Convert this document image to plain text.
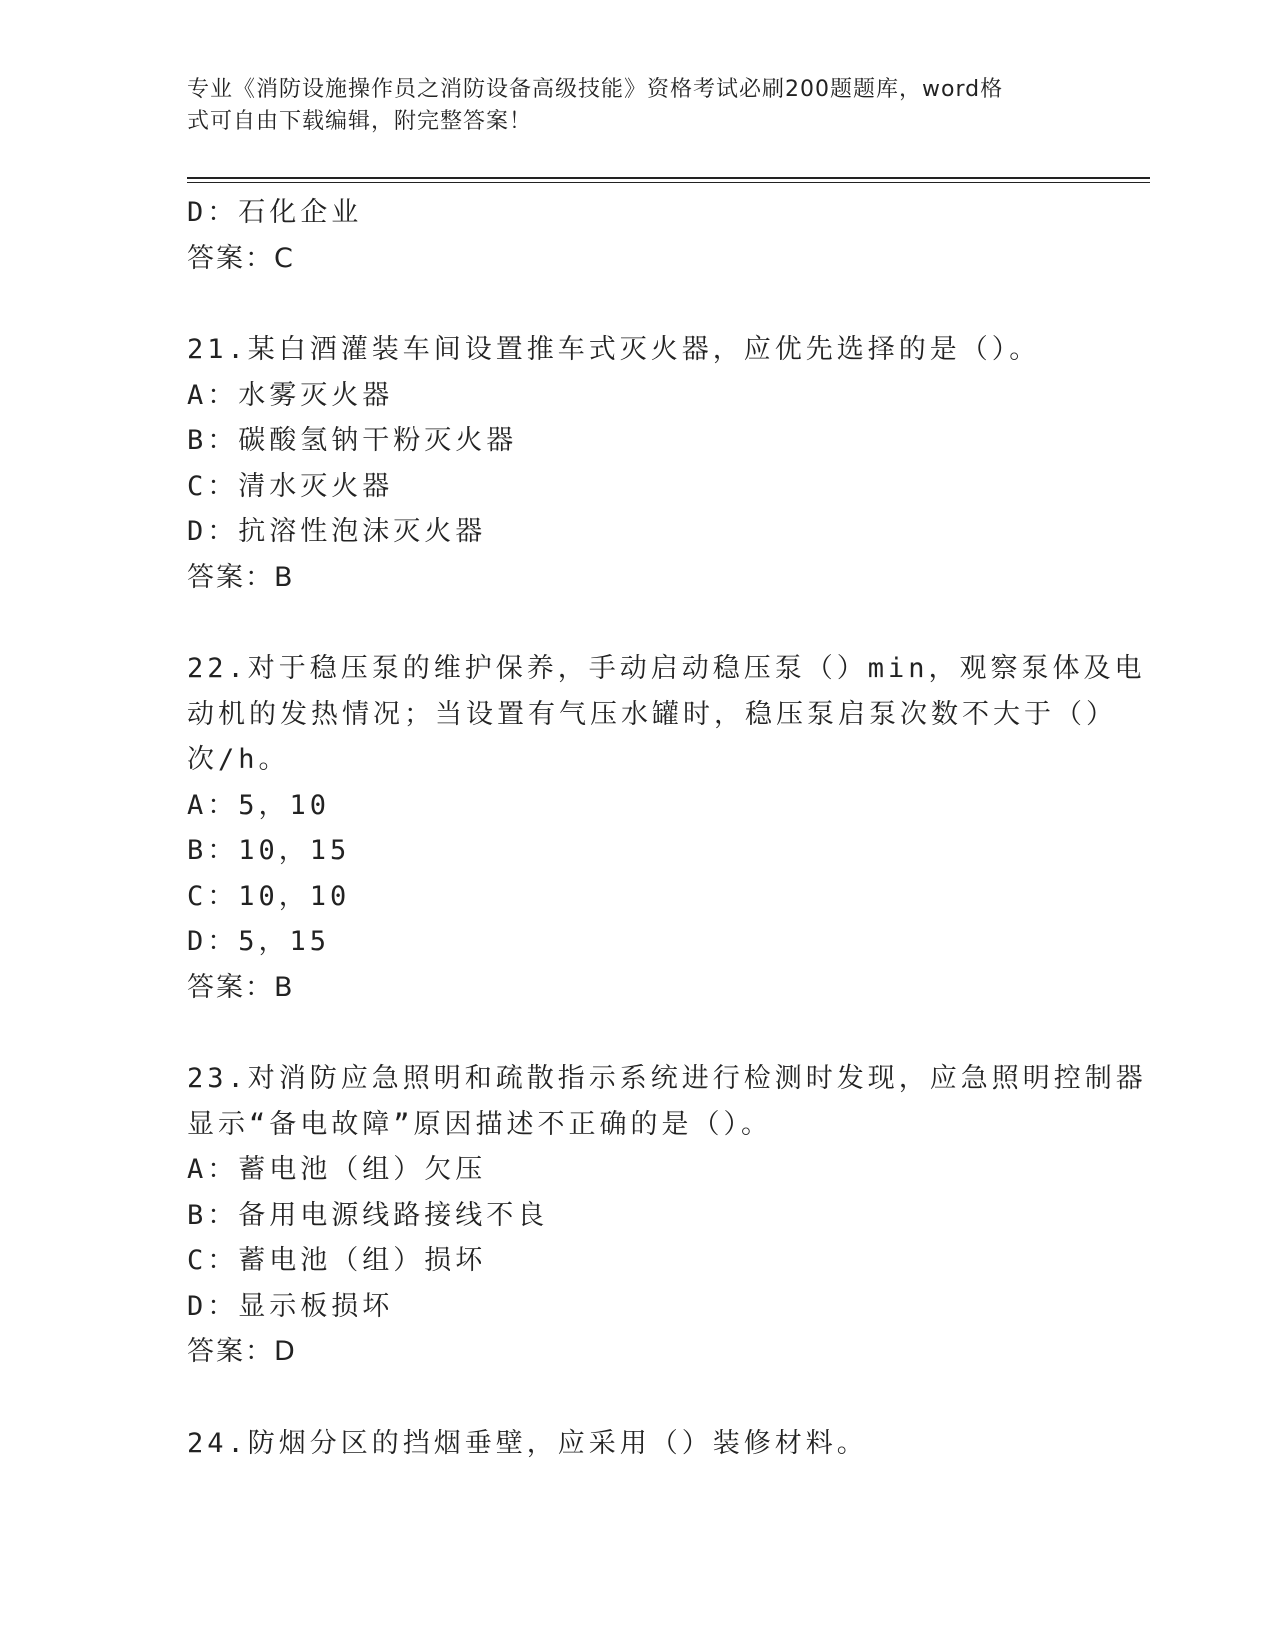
专业《消防设施操作员之消防设备高级技能》资格考试必刷200题题库，word格
式可自由下载编辑，附完整答案！
D：石化企业
答案：C
21.某白酒灌装车间设置推车式灭火器，应优先选择的是（）。
A：水雾灭火器
B：碳酸氢钠干粉灭火器
C：清水灭火器
D：抗溶性泡沫灭火器
答案：B
22.对于稳压泵的维护保养，手动启动稳压泵（）min，观察泵体及电
动机的发热情况；当设置有气压水罐时，稳压泵启泵次数不大于（）
次/h。
A：5，10
B：10，15
C：10，10
D：5，15
答案：B
23.对消防应急照明和疏散指示系统进行检测时发现，应急照明控制器
显示“备电故障”原因描述不正确的是（）。
A：蓄电池（组）欠压
B：备用电源线路接线不良
C：蓄电池（组）损坏
D：显示板损坏
答案：D
24.防烟分区的挡烟垂壁，应采用（）装修材料。
